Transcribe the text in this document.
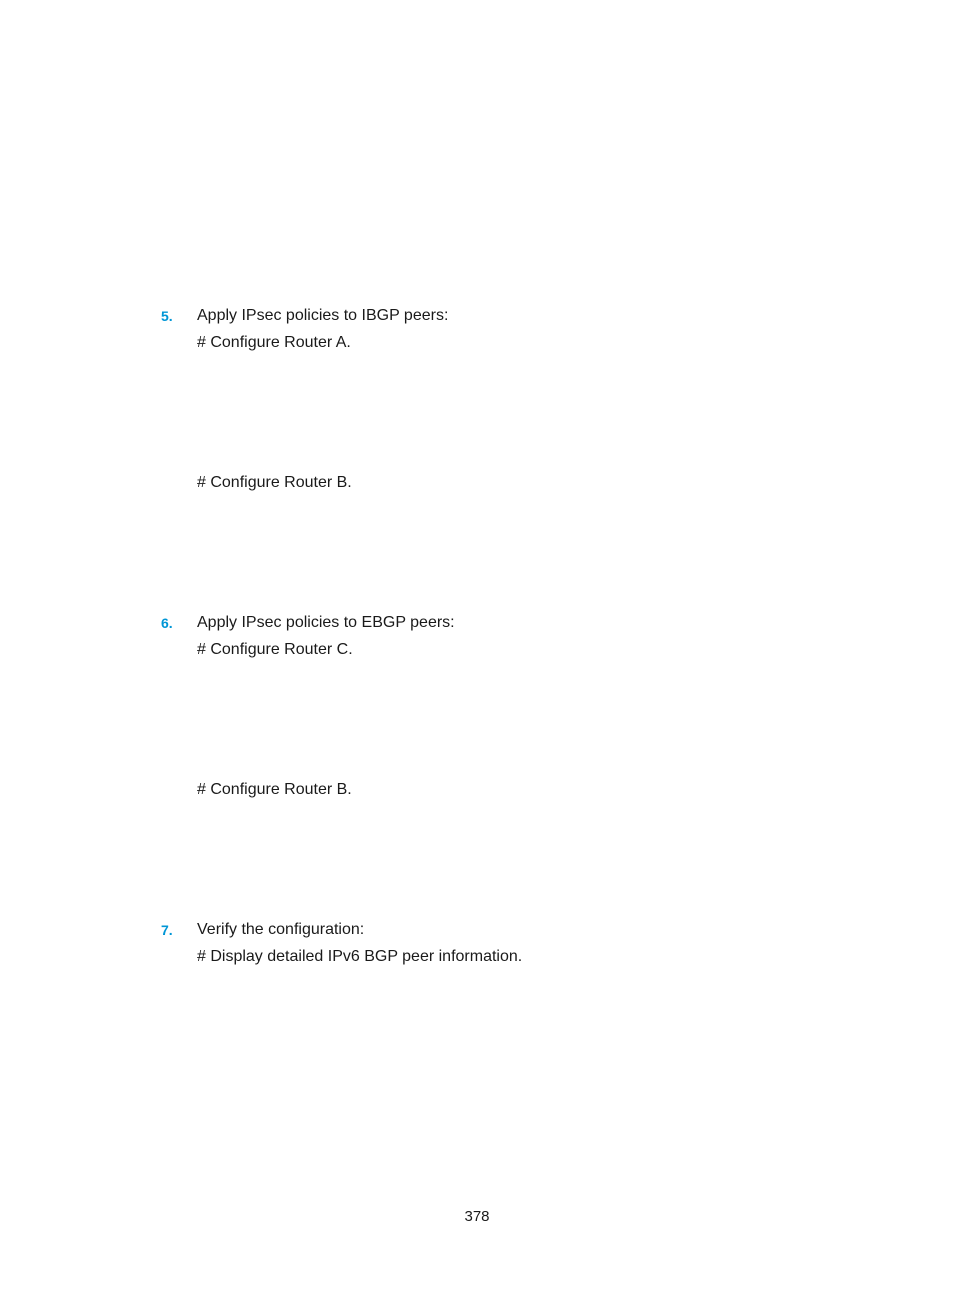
5. Apply IPsec policies to IBGP peers:
# Configure Router A.
# Configure Router B.
6. Apply IPsec policies to EBGP peers:
# Configure Router C.
# Configure Router B.
7. Verify the configuration:
# Display detailed IPv6 BGP peer information.
378
